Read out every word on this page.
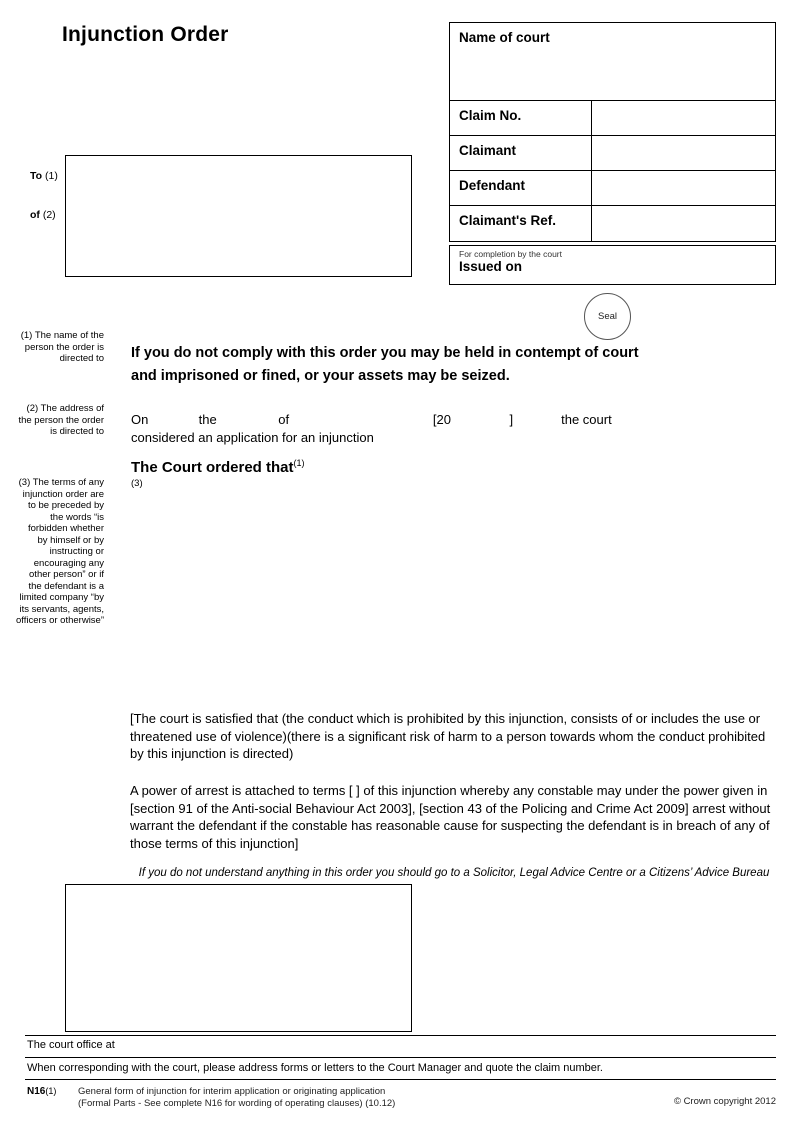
Injunction Order	Name of court
Claim No.
Claimant
Defendant
Claimant's Ref.
For completion by the court
Issued on
Seal
To (1)
of (2)
(1) The name of the person the order is directed to
(2) The address of the person the order is directed to
(3) The terms of any injunction order are to be preceded by the words “is forbidden whether by himself or by instructing or encouraging any other person” or if the defendant is a limited company “by its servants, agents, officers or otherwise”
If you do not comply with this order you may be held in contempt of court
and imprisoned or fined, or your assets may be seized.
On	the	of	[20	]	the court
considered an application for an injunction
The Court ordered that$^{(1)}$
(3)
[The court is satisfied that (the conduct which is prohibited by this injunction, consists of or includes the use or threatened use of violence)(there is a significant risk of harm to a person towards whom the conduct prohibited by this injunction is directed)
A power of arrest is attached to terms [ ] of this injunction whereby any constable may under the power given in [section 91 of the Anti-social Behaviour Act 2003], [section 43 of the Policing and Crime Act 2009] arrest without warrant the defendant if the constable has reasonable cause for suspecting the defendant is in breach of any of those terms of this injunction]
If you do not understand anything in this order you should go to a Solicitor, Legal Advice Centre or a Citizens’ Advice Bureau
The court office at
When corresponding with the court, please address forms or letters to the Court Manager and quote the claim number.
N16(1) General form of injunction for interim application or originating application
(Formal Parts - See complete N16 for wording of operating clauses) (10.12)	© Crown copyright 2012
